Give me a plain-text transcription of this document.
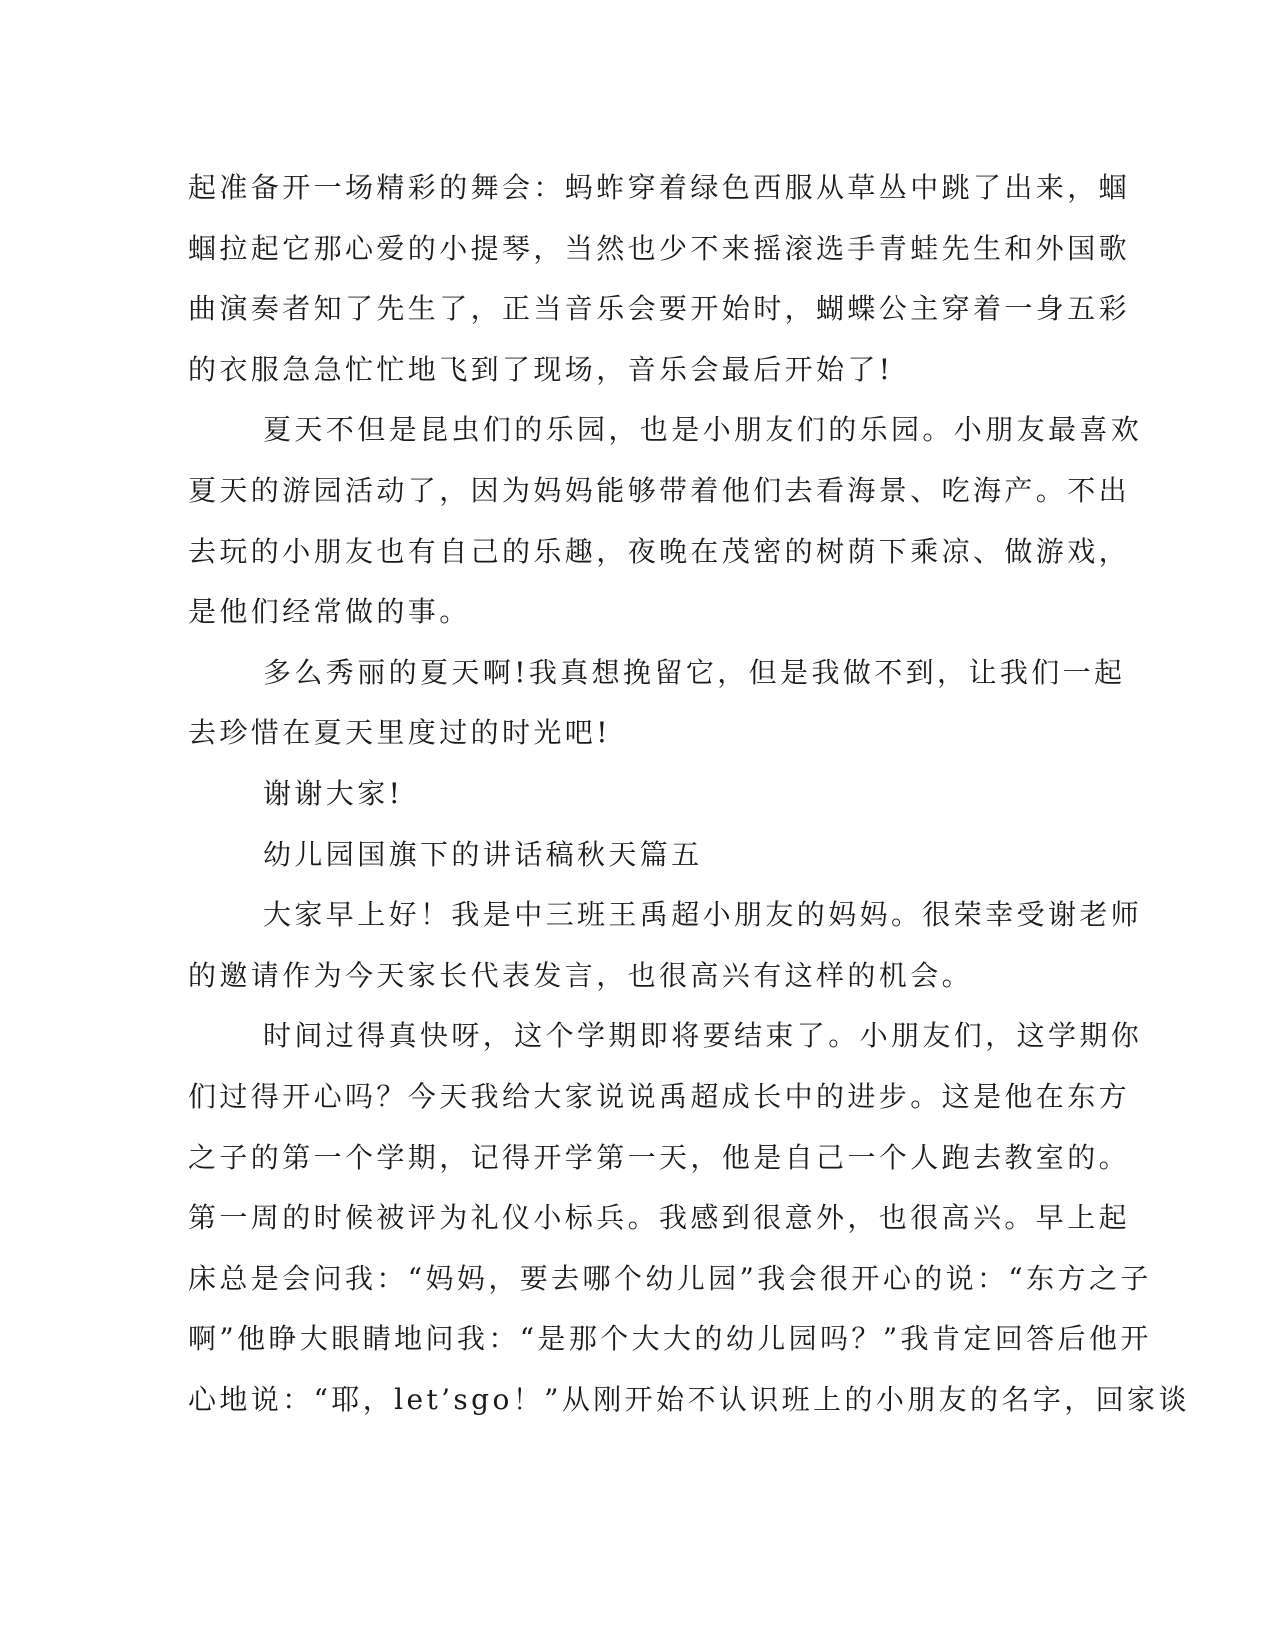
起准备开一场精彩的舞会：蚂蚱穿着绿色西服从草丛中跳了出来，蝈
蝈拉起它那心爱的小提琴，当然也少不来摇滚选手青蛙先生和外国歌
曲演奏者知了先生了，正当音乐会要开始时，蝴蝶公主穿着一身五彩
的衣服急急忙忙地飞到了现场，音乐会最后开始了!
夏天不但是昆虫们的乐园，也是小朋友们的乐园。小朋友最喜欢
夏天的游园活动了，因为妈妈能够带着他们去看海景、吃海产。不出
去玩的小朋友也有自己的乐趣，夜晚在茂密的树荫下乘凉、做游戏，
是他们经常做的事。
多么秀丽的夏天啊!我真想挽留它，但是我做不到，让我们一起
去珍惜在夏天里度过的时光吧!
谢谢大家!
幼儿园国旗下的讲话稿秋天篇五
大家早上好！我是中三班王禹超小朋友的妈妈。很荣幸受谢老师
的邀请作为今天家长代表发言，也很高兴有这样的机会。
时间过得真快呀，这个学期即将要结束了。小朋友们，这学期你
们过得开心吗？今天我给大家说说禹超成长中的进步。这是他在东方
之子的第一个学期，记得开学第一天，他是自己一个人跑去教室的。
第一周的时候被评为礼仪小标兵。我感到很意外，也很高兴。早上起
床总是会问我：“妈妈，要去哪个幼儿园”我会很开心的说：“东方之子
啊”他睁大眼睛地问我：“是那个大大的幼儿园吗？”我肯定回答后他开
心地说：“耶，let’sgo！”从刚开始不认识班上的小朋友的名字，回家谈
